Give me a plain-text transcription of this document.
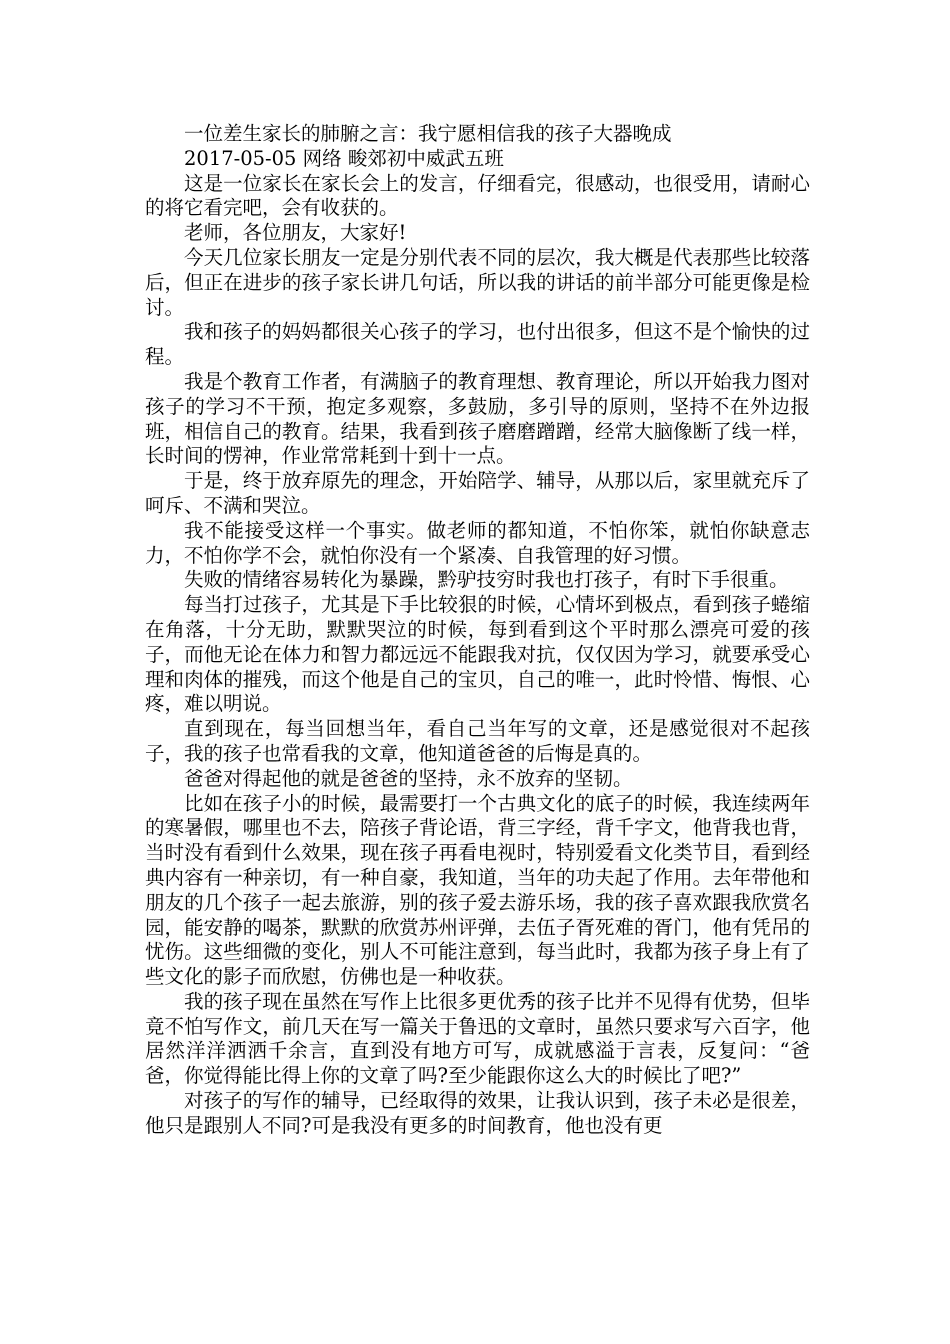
一位差生家长的肺腑之言：我宁愿相信我的孩子大器晚成

2017-05-05 网络 畯郊初中威武五班

这是一位家长在家长会上的发言，仔细看完，很感动，也很受用，请耐心的将它看完吧，会有收获的。

老师，各位朋友，大家好!

今天几位家长朋友一定是分别代表不同的层次，我大概是代表那些比较落后，但正在进步的孩子家长讲几句话，所以我的讲话的前半部分可能更像是检讨。

我和孩子的妈妈都很关心孩子的学习，也付出很多，但这不是个愉快的过程。

我是个教育工作者，有满脑子的教育理想、教育理论，所以开始我力图对孩子的学习不干预，抱定多观察，多鼓励，多引导的原则，坚持不在外边报班，相信自己的教育。结果，我看到孩子磨磨蹭蹭，经常大脑像断了线一样，长时间的愣神，作业常常耗到十到十一点。

于是，终于放弃原先的理念，开始陪学、辅导，从那以后，家里就充斥了呵斥、不满和哭泣。

我不能接受这样一个事实。做老师的都知道，不怕你笨，就怕你缺意志力，不怕你学不会，就怕你没有一个紧凑、自我管理的好习惯。

失败的情绪容易转化为暴躁，黔驴技穷时我也打孩子，有时下手很重。

每当打过孩子，尤其是下手比较狠的时候，心情坏到极点，看到孩子蜷缩在角落，十分无助，默默哭泣的时候，每到看到这个平时那么漂亮可爱的孩子，而他无论在体力和智力都远远不能跟我对抗，仅仅因为学习，就要承受心理和肉体的摧残，而这个他是自己的宝贝，自己的唯一，此时怜惜、悔恨、心疼，难以明说。

直到现在，每当回想当年，看自己当年写的文章，还是感觉很对不起孩子，我的孩子也常看我的文章，他知道爸爸的后悔是真的。

爸爸对得起他的就是爸爸的坚持，永不放弃的坚韧。

比如在孩子小的时候，最需要打一个古典文化的底子的时候，我连续两年的寒暑假，哪里也不去，陪孩子背论语，背三字经，背千字文，他背我也背，当时没有看到什么效果，现在孩子再看电视时，特别爱看文化类节目，看到经典内容有一种亲切，有一种自豪，我知道，当年的功夫起了作用。去年带他和朋友的几个孩子一起去旅游，别的孩子爱去游乐场，我的孩子喜欢跟我欣赏名园，能安静的喝茶，默默的欣赏苏州评弹，去伍子胥死难的胥门，他有凭吊的忧伤。这些细微的变化，别人不可能注意到，每当此时，我都为孩子身上有了些文化的影子而欣慰，仿佛也是一种收获。

我的孩子现在虽然在写作上比很多更优秀的孩子比并不见得有优势，但毕竟不怕写作文，前几天在写一篇关于鲁迅的文章时，虽然只要求写六百字，他居然洋洋洒洒千余言，直到没有地方可写，成就感溢于言表，反复问：“爸爸，你觉得能比得上你的文章了吗?至少能跟你这么大的时候比了吧?”

对孩子的写作的辅导，已经取得的效果，让我认识到，孩子未必是很差，他只是跟别人不同?可是我没有更多的时间教育，他也没有更
